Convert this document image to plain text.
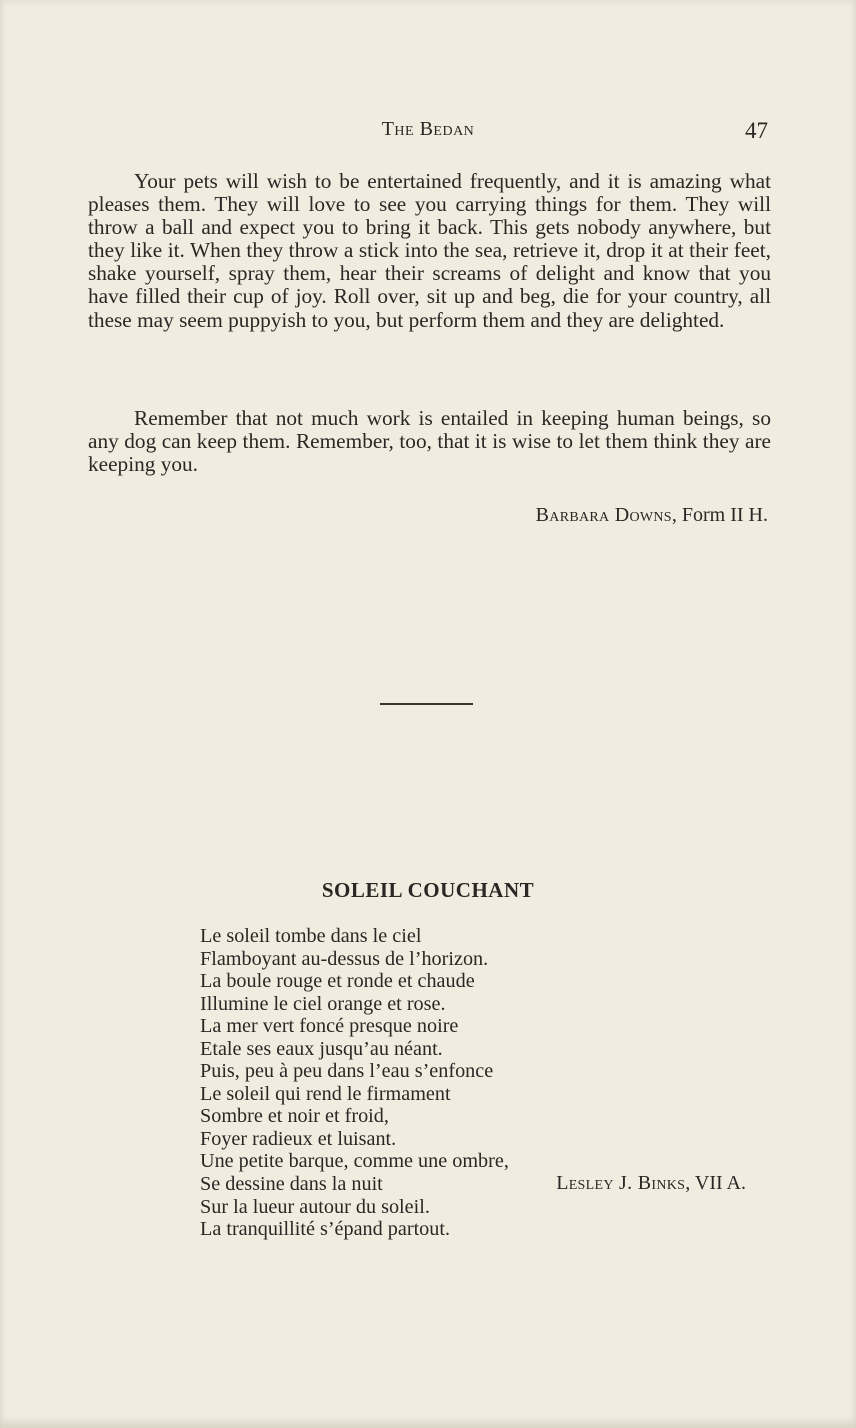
The Bedan	47

Your pets will wish to be entertained frequently, and it is amazing what pleases them. They will love to see you carrying things for them. They will throw a ball and expect you to bring it back. This gets nobody anywhere, but they like it. When they throw a stick into the sea, retrieve it, drop it at their feet, shake yourself, spray them, hear their screams of delight and know that you have filled their cup of joy. Roll over, sit up and beg, die for your country, all these may seem puppyish to you, but perform them and they are delighted.

Remember that not much work is entailed in keeping human beings, so any dog can keep them. Remember, too, that it is wise to let them think they are keeping you.

Barbara Downs, Form II H.
SOLEIL COUCHANT
Le soleil tombe dans le ciel
Flamboyant au-dessus de l’horizon.
La boule rouge et ronde et chaude
Illumine le ciel orange et rose.
La mer vert foncé presque noire
Etale ses eaux jusqu’au néant.
Puis, peu à peu dans l’eau s’enfonce
Le soleil qui rend le firmament
Sombre et noir et froid,
Foyer radieux et luisant.
Une petite barque, comme une ombre,
Se dessine dans la nuit
Sur la lueur autour du soleil.
La tranquillité s’épand partout.
Lesley J. Binks, VII A.
